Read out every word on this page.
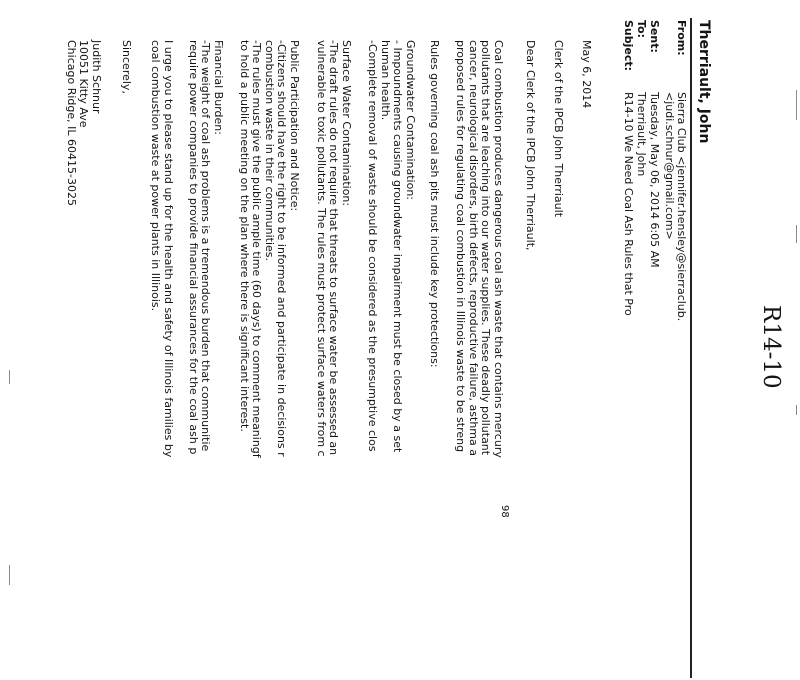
R14-10
Therriault, John
From:
Sierra Club <jennifer.hensley@sierraclub.
<judi.schnur@gmail.com>
Sent:
Tuesday, May 06, 2014 6:05 AM
To:
Therriault, John
Subject:
R14-10 We Need Coal Ash Rules that Pro
May 6, 2014
Clerk of the IPCB John Therriault
Dear Clerk of the IPCB John Therriault,
Coal combustion produces dangerous coal ash waste that contains mercury
pollutants that are leaching into our water supplies. These deadly pollutant
cancer, neurological disorders, birth defects, reproductive failure, asthma a
proposed rules for regulating coal combustion in Illinois waste to be streng
Rules governing coal ash pits must include key protections:
Groundwater Contamination:
- Impoundments causing groundwater impairment must be closed by a set
human health.
-Complete removal of waste should be considered as the presumptive clos
Surface Water Contamination:
-The draft rules do not require that threats to surface water be assessed an
vulnerable to toxic pollutants. The rules must protect surface waters from c
Public Participation and Notice:
-Citizens should have the right to be informed and participate in decisions r
combustion waste in their communities.
-The rules must give the public ample time (60 days) to comment meaningf
to hold a public meeting on the plan where there is significant interest.
Financial Burden:
-The weight of coal ash problems is a tremendous burden that communitie
require power companies to provide financial assurances for the coal ash p
I urge you to please stand up for the health and safety of Illinois families by
coal combustion waste at power plants in Illinois.
Sincerely,
Judith Schnur
10051 Kitty Ave
Chicago Ridge, IL 60415-3025
98
